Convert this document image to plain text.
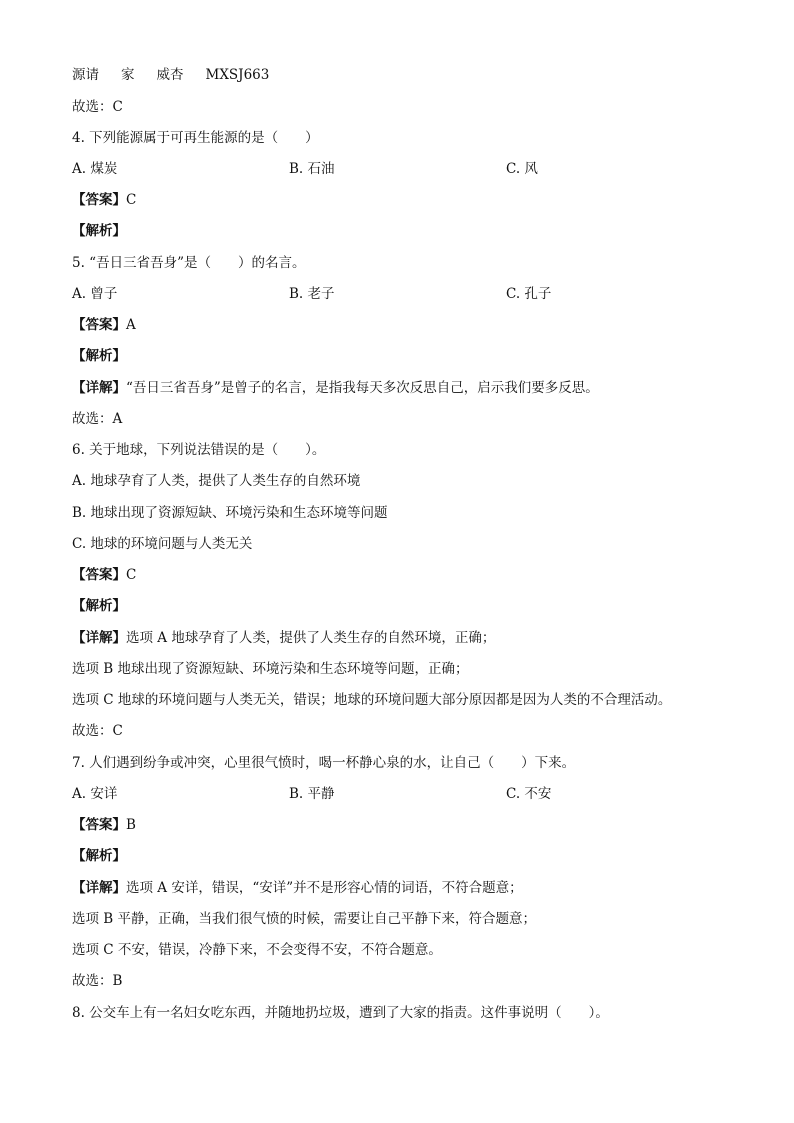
源请 家 威杏 MXSJ663
故选：C
4. 下列能源属于可再生能源的是（　　）
A. 煤炭	B. 石油	C. 风
【答案】C
【解析】
5. “吾日三省吾身”是（　　）的名言。
A. 曾子	B. 老子	C. 孔子
【答案】A
【解析】
【详解】“吾日三省吾身”是曾子的名言，是指我每天多次反思自己，启示我们要多反思。
故选：A
6. 关于地球，下列说法错误的是（　　）。
A. 地球孕育了人类，提供了人类生存的自然环境
B. 地球出现了资源短缺、环境污染和生态环境等问题
C. 地球的环境问题与人类无关
【答案】C
【解析】
【详解】选项 A 地球孕育了人类，提供了人类生存的自然环境，正确；
选项 B 地球出现了资源短缺、环境污染和生态环境等问题，正确；
选项 C 地球的环境问题与人类无关，错误；地球的环境问题大部分原因都是因为人类的不合理活动。
故选：C
7. 人们遇到纷争或冲突，心里很气愤时，喝一杯静心泉的水，让自己（　　）下来。
A. 安详	B. 平静	C. 不安
【答案】B
【解析】
【详解】选项 A 安详，错误，“安详”并不是形容心情的词语，不符合题意；
选项 B 平静，正确，当我们很气愤的时候，需要让自己平静下来，符合题意；
选项 C 不安，错误，冷静下来，不会变得不安，不符合题意。
故选：B
8. 公交车上有一名妇女吃东西，并随地扔垃圾，遭到了大家的指责。这件事说明（　　）。
